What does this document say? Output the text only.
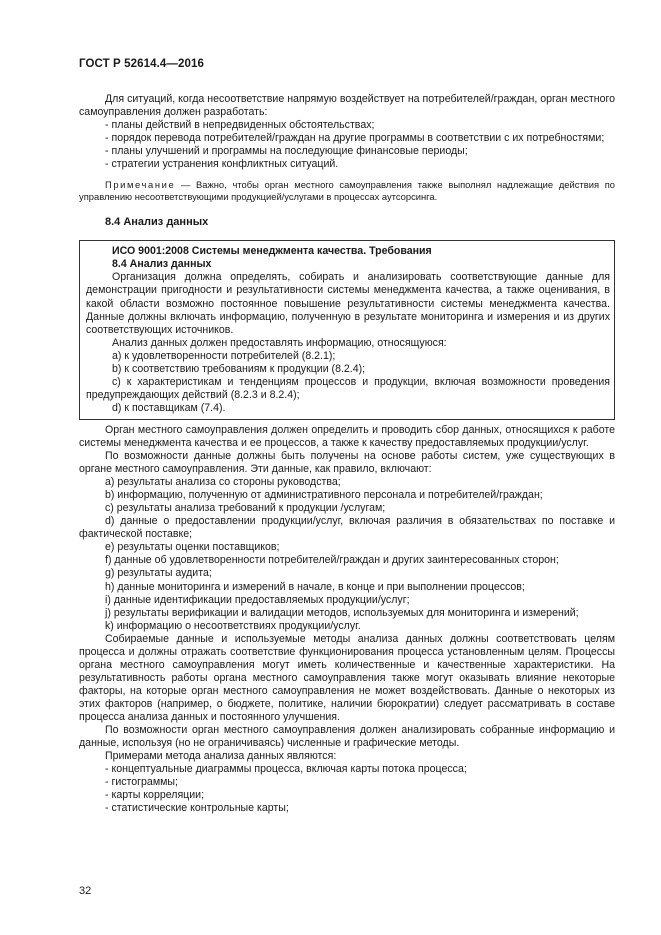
ГОСТ Р 52614.4—2016

Для ситуаций, когда несоответствие напрямую воздействует на потребителей/граждан, орган местного самоуправления должен разработать:

- планы действий в непредвиденных обстоятельствах;

- порядок перевода потребителей/граждан на другие программы в соответствии с их потребностями;

- планы улучшений и программы на последующие финансовые периоды;

- стратегии устранения конфликтных ситуаций.

Примечание — Важно, чтобы орган местного самоуправления также выполнял надлежащие действия по управлению несоответствующими продукцией/услугами в процессах аутсорсинга.

8.4 Анализ данных

ИСО 9001:2008 Системы менеджмента качества. Требования

8.4 Анализ данных

Организация должна определять, собирать и анализировать соответствующие данные для демонстрации пригодности и результативности системы менеджмента качества, а также оценивания, в какой области возможно постоянное повышение результативности системы менеджмента качества. Данные должны включать информацию, полученную в результате мониторинга и измерения и из других соответствующих источников.

Анализ данных должен предоставлять информацию, относящуюся:

a) к удовлетворенности потребителей (8.2.1);

b) к соответствию требованиям к продукции (8.2.4);

c) к характеристикам и тенденциям процессов и продукции, включая возможности проведения предупреждающих действий (8.2.3 и 8.2.4);

d) к поставщикам (7.4).

Орган местного самоуправления должен определить и проводить сбор данных, относящихся к работе системы менеджмента качества и ее процессов, а также к качеству предоставляемых продукции/услуг.

По возможности данные должны быть получены на основе работы систем, уже существующих в органе местного самоуправления. Эти данные, как правило, включают:

a) результаты анализа со стороны руководства;

b) информацию, полученную от административного персонала и потребителей/граждан;

c) результаты анализа требований к продукции /услугам;

d) данные о предоставлении продукции/услуг, включая различия в обязательствах по поставке и фактической поставке;

e) результаты оценки поставщиков;

f) данные об удовлетворенности потребителей/граждан и других заинтересованных сторон;

g) результаты аудита;

h) данные мониторинга и измерений в начале, в конце и при выполнении процессов;

i) данные идентификации предоставляемых продукции/услуг;

j) результаты верификации и валидации методов, используемых для мониторинга и измерений;

k) информацию о несоответствиях продукции/услуг.

Собираемые данные и используемые методы анализа данных должны соответствовать целям процесса и должны отражать соответствие функционирования процесса установленным целям. Процессы органа местного самоуправления могут иметь количественные и качественные характеристики. На результативность работы органа местного самоуправления также могут оказывать влияние некоторые факторы, на которые орган местного самоуправления не может воздействовать. Данные о некоторых из этих факторов (например, о бюджете, политике, наличии бюрократии) следует рассматривать в составе процесса анализа данных и постоянного улучшения.

По возможности орган местного самоуправления должен анализировать собранные информацию и данные, используя (но не ограничиваясь) численные и графические методы.

Примерами метода анализа данных являются:

- концептуальные диаграммы процесса, включая карты потока процесса;

- гистограммы;

- карты корреляции;

- статистические контрольные карты;

32
